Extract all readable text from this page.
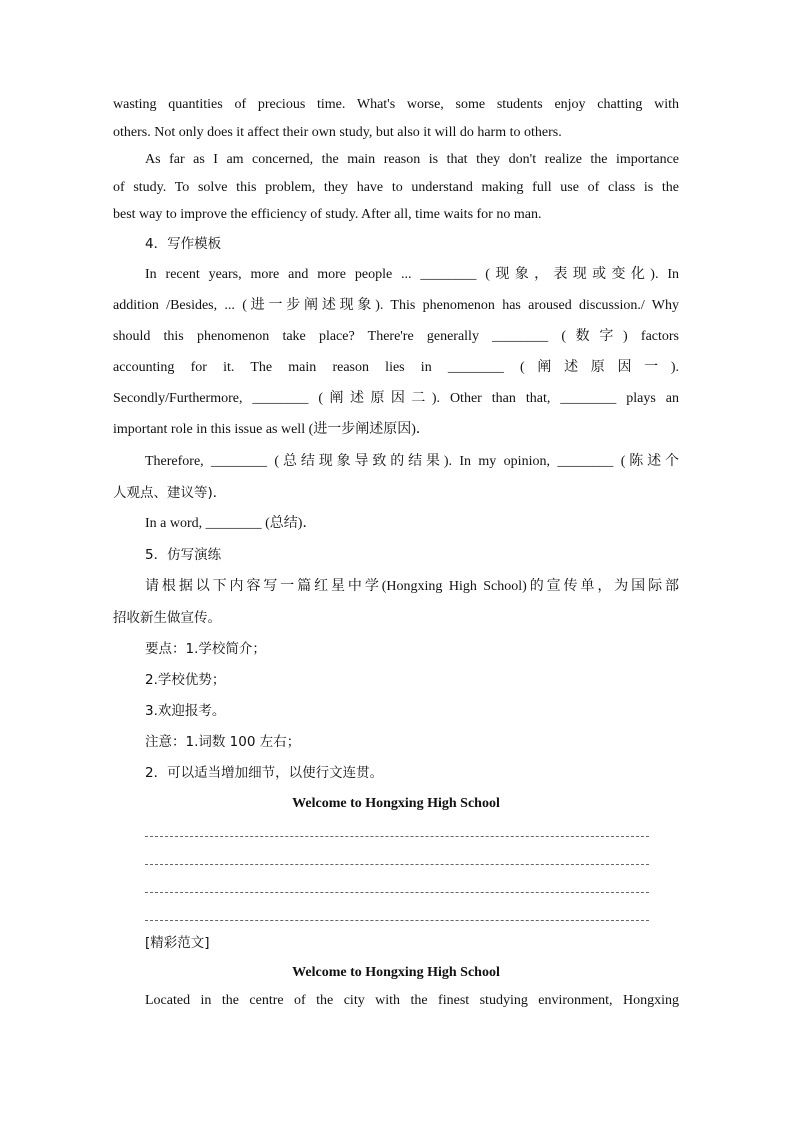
wasting quantities of precious time. What's worse, some students enjoy chatting with
others. Not only does it affect their own study, but also it will do harm to others.
As far as I am concerned, the main reason is that they don't realize the importance
of study. To solve this problem, they have to understand making full use of class is the
best way to improve the efficiency of study. After all, time waits for no man.
4．写作模板
In recent years, more and more people ... ________ (现象，表现或变化). In
addition /Besides, ... (进一步阐述现象). This phenomenon has aroused discussion./ Why
should this phenomenon take place? There're generally ________ (数字) factors
accounting for it. The main reason lies in ________ (阐述原因一).
Secondly/Furthermore, ________ (阐述原因二). Other than that, ________ plays an
important role in this issue as well (进一步阐述原因)．
Therefore, ________ (总结现象导致的结果). In my opinion, ________ (陈述个
人观点、建议等)．
In a word, ________ (总结)．
5．仿写演练
请根据以下内容写一篇红星中学(Hongxing High School)的宣传单，为国际部
招收新生做宣传。
要点：1.学校简介；
2.学校优势；
3.欢迎报考。
注意：1.词数 100 左右；
2．可以适当增加细节，以使行文连贯。
Welcome to Hongxing High School
[精彩范文]
Welcome to Hongxing High School
Located in the centre of the city with the finest studying environment, Hongxing
